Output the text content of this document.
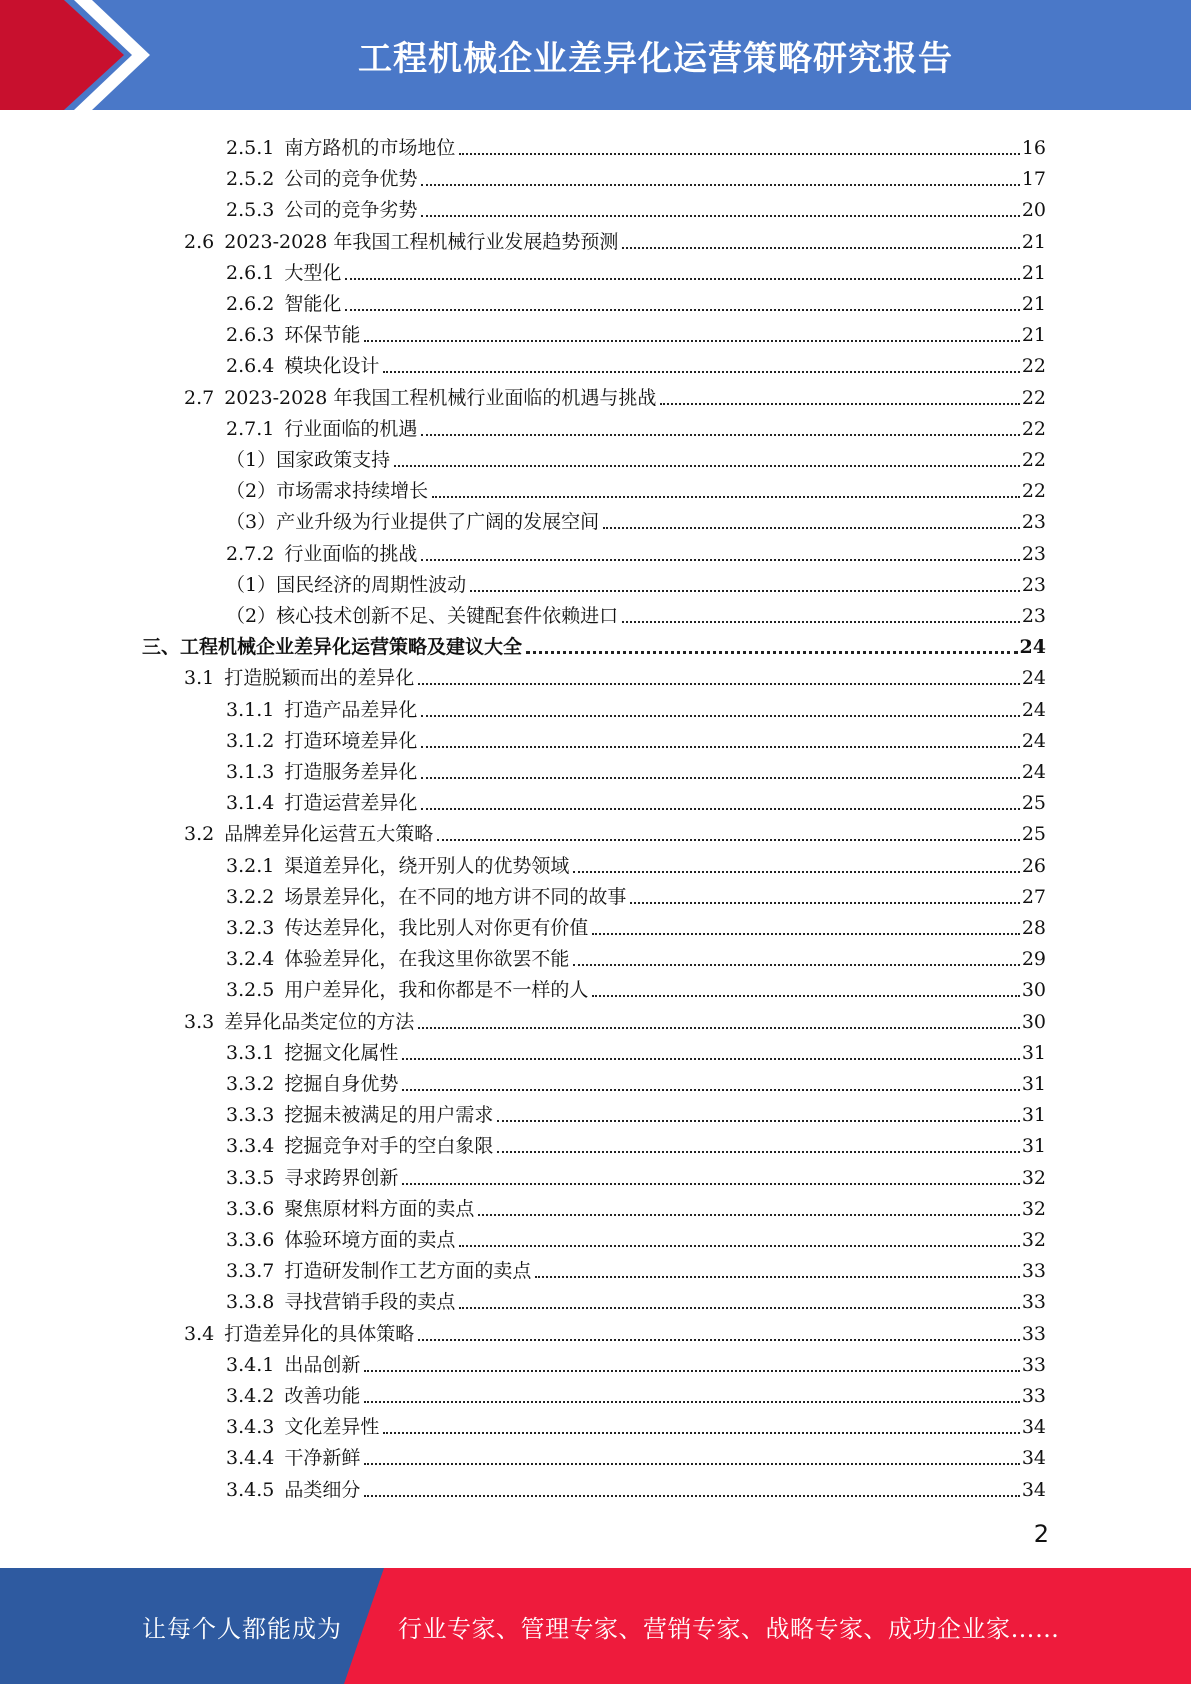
工程机械企业差异化运营策略研究报告
2.5.1 南方路机的市场地位	16
2.5.2 公司的竞争优势	17
2.5.3 公司的竞争劣势	20
2.6 2023-2028 年我国工程机械行业发展趋势预测	21
2.6.1 大型化	21
2.6.2 智能化	21
2.6.3 环保节能	21
2.6.4 模块化设计	22
2.7 2023-2028 年我国工程机械行业面临的机遇与挑战	22
2.7.1 行业面临的机遇	22
（1）国家政策支持	22
（2）市场需求持续增长	22
（3）产业升级为行业提供了广阔的发展空间	23
2.7.2 行业面临的挑战	23
（1）国民经济的周期性波动	23
（2）核心技术创新不足、关键配套件依赖进口	23
三、工程机械企业差异化运营策略及建议大全	24
3.1 打造脱颖而出的差异化	24
3.1.1 打造产品差异化	24
3.1.2 打造环境差异化	24
3.1.3 打造服务差异化	24
3.1.4 打造运营差异化	25
3.2 品牌差异化运营五大策略	25
3.2.1 渠道差异化，绕开别人的优势领域	26
3.2.2 场景差异化，在不同的地方讲不同的故事	27
3.2.3 传达差异化，我比别人对你更有价值	28
3.2.4 体验差异化，在我这里你欲罢不能	29
3.2.5 用户差异化，我和你都是不一样的人	30
3.3 差异化品类定位的方法	30
3.3.1 挖掘文化属性	31
3.3.2 挖掘自身优势	31
3.3.3 挖掘未被满足的用户需求	31
3.3.4 挖掘竞争对手的空白象限	31
3.3.5 寻求跨界创新	32
3.3.6 聚焦原材料方面的卖点	32
3.3.6 体验环境方面的卖点	32
3.3.7 打造研发制作工艺方面的卖点	33
3.3.8 寻找营销手段的卖点	33
3.4 打造差异化的具体策略	33
3.4.1 出品创新	33
3.4.2 改善功能	33
3.4.3 文化差异性	34
3.4.4 干净新鲜	34
3.4.5 品类细分	34
2
让每个人都能成为 行业专家、管理专家、营销专家、战略专家、成功企业家……
